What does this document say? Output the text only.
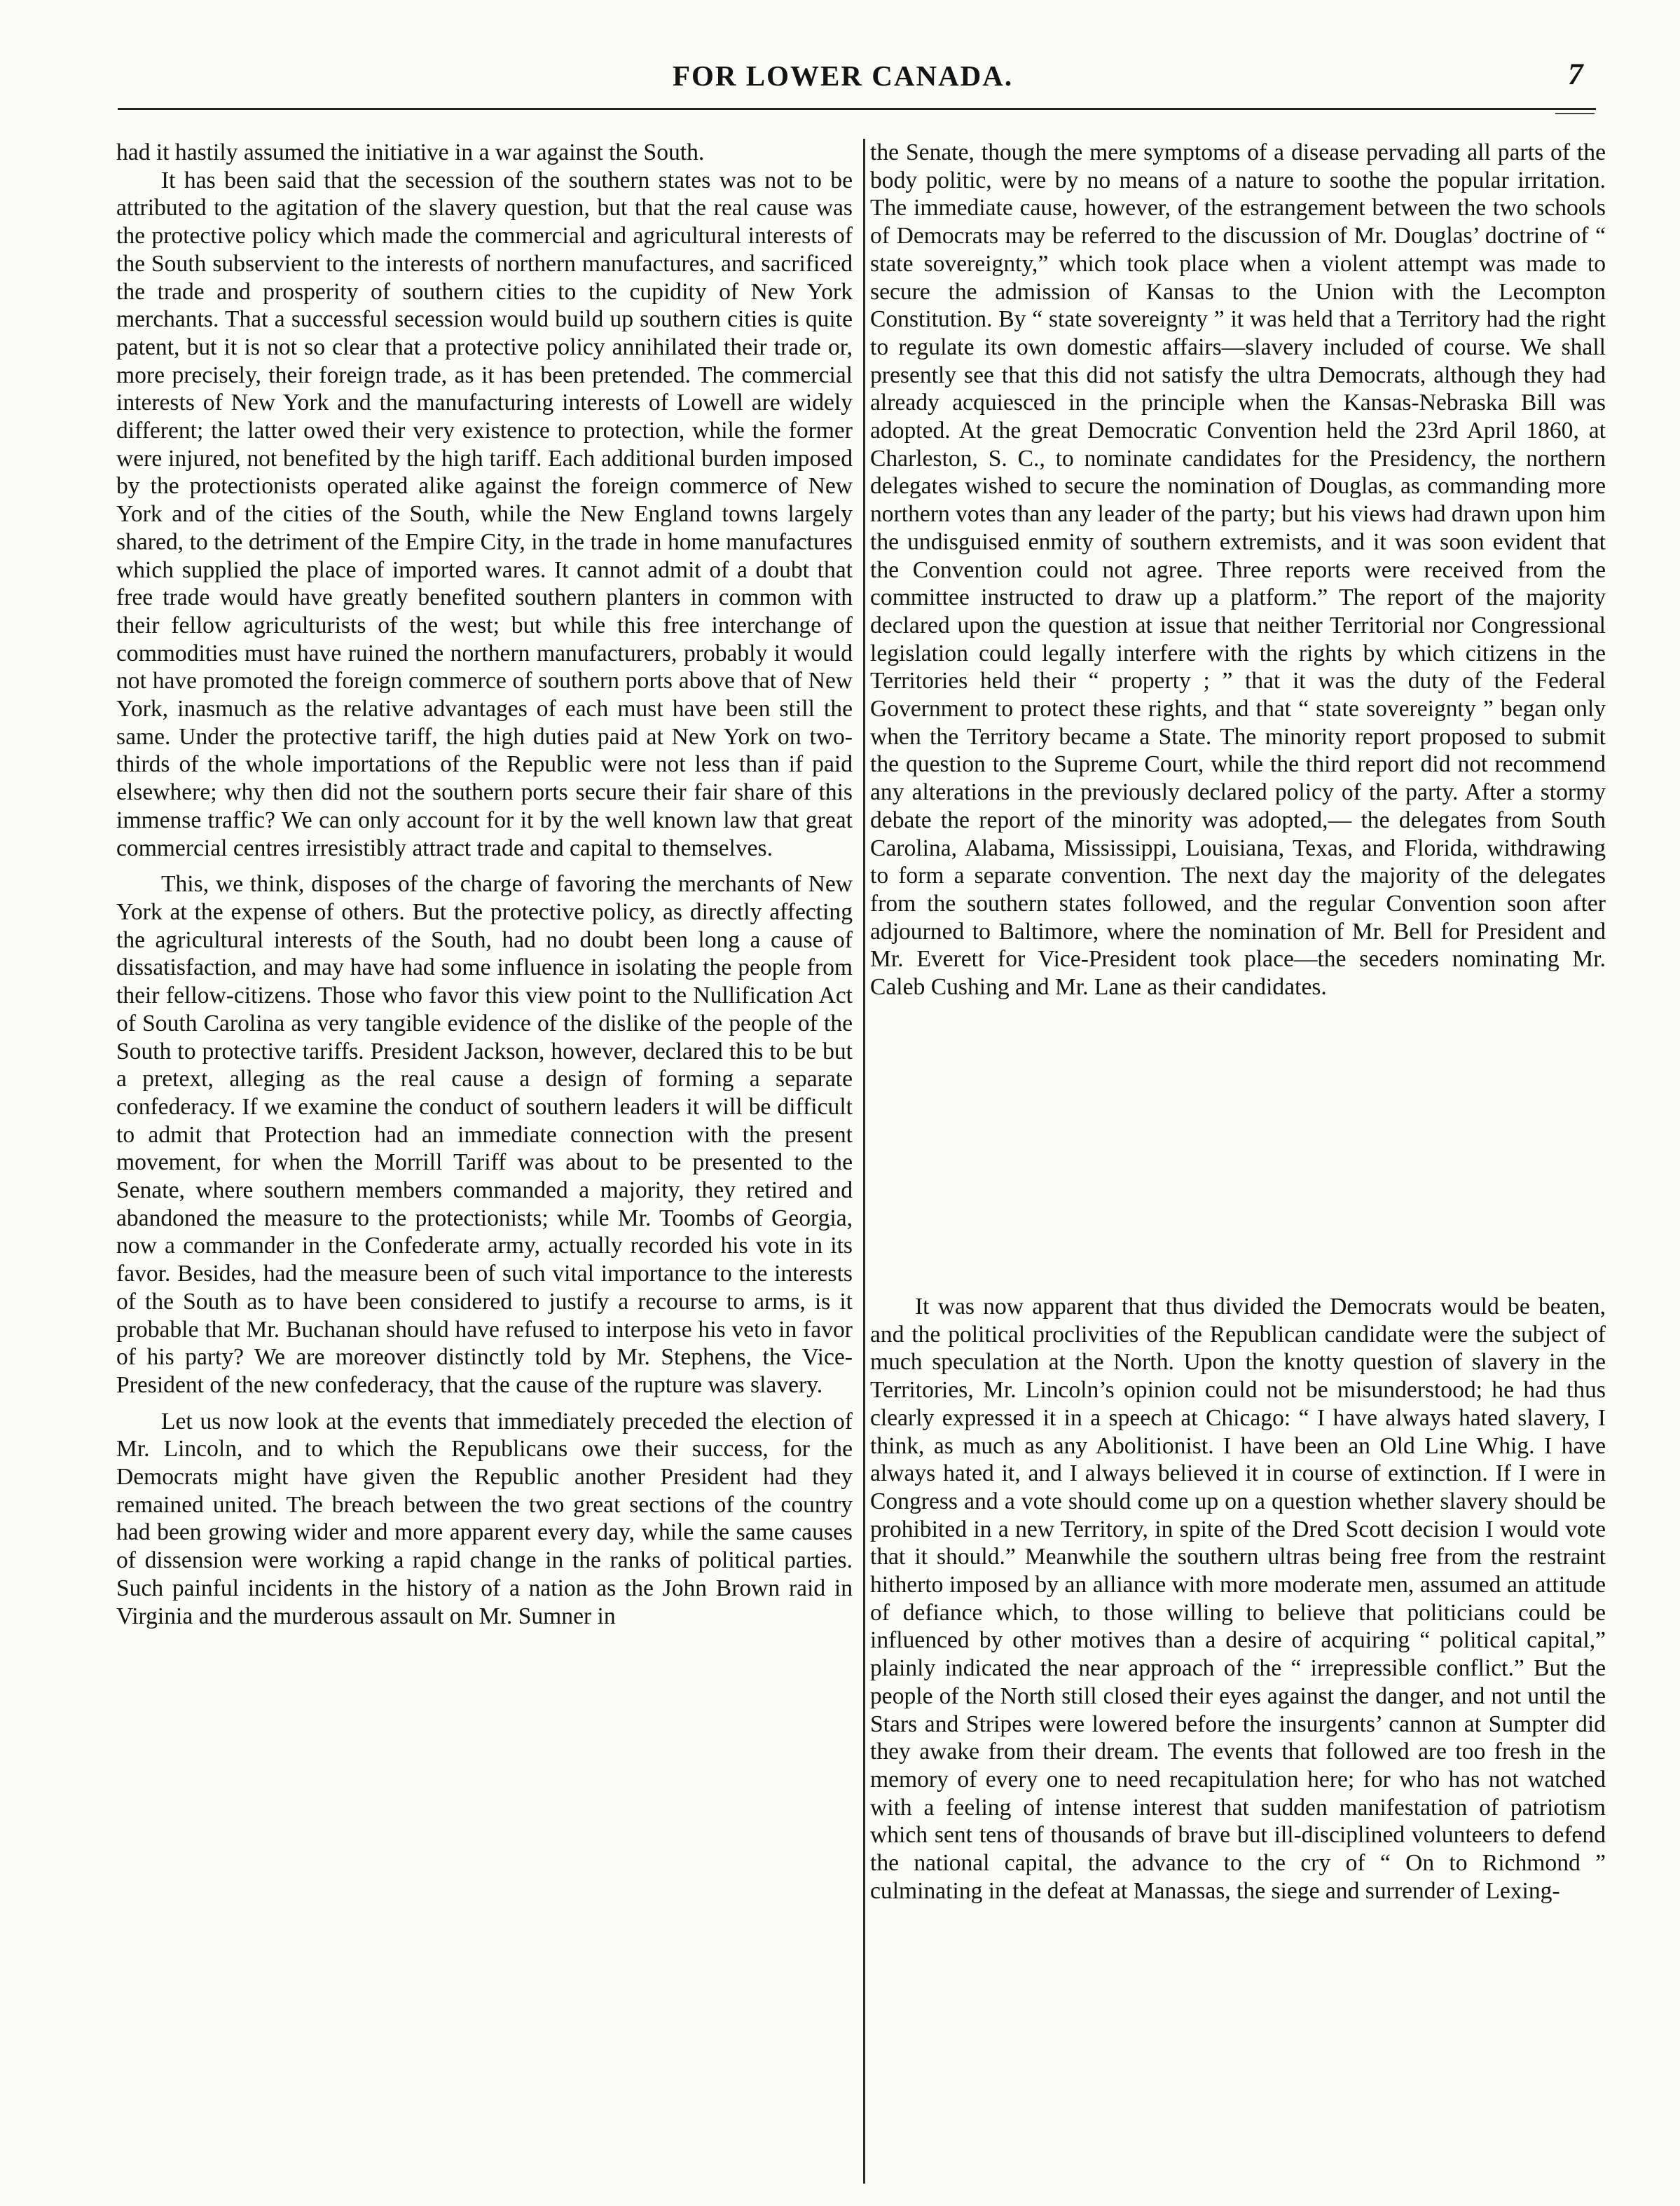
FOR LOWER CANADA.	7

had it hastily assumed the initiative in a war against the South.

It has been said that the secession of the southern states was not to be attributed to the agitation of the slavery question, but that the real cause was the protective policy which made the commercial and agricultural interests of the South subservient to the interests of northern manufactures, and sacrificed the trade and prosperity of southern cities to the cupidity of New York merchants. That a successful secession would build up southern cities is quite patent, but it is not so clear that a protective policy annihilated their trade or, more precisely, their foreign trade, as it has been pretended. The commercial interests of New York and the manufacturing interests of Lowell are widely different; the latter owed their very existence to protection, while the former were injured, not benefited by the high tariff. Each additional burden imposed by the protectionists operated alike against the foreign commerce of New York and of the cities of the South, while the New England towns largely shared, to the detriment of the Empire City, in the trade in home manufactures which supplied the place of imported wares. It cannot admit of a doubt that free trade would have greatly benefited southern planters in common with their fellow agriculturists of the west; but while this free interchange of commodities must have ruined the northern manufacturers, probably it would not have promoted the foreign commerce of southern ports above that of New York, inasmuch as the relative advantages of each must have been still the same. Under the protective tariff, the high duties paid at New York on two-thirds of the whole importations of the Republic were not less than if paid elsewhere; why then did not the southern ports secure their fair share of this immense traffic? We can only account for it by the well known law that great commercial centres irresistibly attract trade and capital to themselves.

This, we think, disposes of the charge of favoring the merchants of New York at the expense of others. But the protective policy, as directly affecting the agricultural interests of the South, had no doubt been long a cause of dissatisfaction, and may have had some influence in isolating the people from their fellow-citizens. Those who favor this view point to the Nullification Act of South Carolina as very tangible evidence of the dislike of the people of the South to protective tariffs. President Jackson, however, declared this to be but a pretext, alleging as the real cause a design of forming a separate confederacy. If we examine the conduct of southern leaders it will be difficult to admit that Protection had an immediate connection with the present movement, for when the Morrill Tariff was about to be presented to the Senate, where southern members commanded a majority, they retired and abandoned the measure to the protectionists; while Mr. Toombs of Georgia, now a commander in the Confederate army, actually recorded his vote in its favor. Besides, had the measure been of such vital importance to the interests of the South as to have been considered to justify a recourse to arms, is it probable that Mr. Buchanan should have refused to interpose his veto in favor of his party? We are moreover distinctly told by Mr. Stephens, the Vice-President of the new confederacy, that the cause of the rupture was slavery.

Let us now look at the events that immediately preceded the election of Mr. Lincoln, and to which the Republicans owe their success, for the Democrats might have given the Republic another President had they remained united. The breach between the two great sections of the country had been growing wider and more apparent every day, while the same causes of dissension were working a rapid change in the ranks of political parties. Such painful incidents in the history of a nation as the John Brown raid in Virginia and the murderous assault on Mr. Sumner in

the Senate, though the mere symptoms of a disease pervading all parts of the body politic, were by no means of a nature to soothe the popular irritation. The immediate cause, however, of the estrangement between the two schools of Democrats may be referred to the discussion of Mr. Douglas’ doctrine of “ state sovereignty,” which took place when a violent attempt was made to secure the admission of Kansas to the Union with the Lecompton Constitution. By “ state sovereignty ” it was held that a Territory had the right to regulate its own domestic affairs—slavery included of course. We shall presently see that this did not satisfy the ultra Democrats, although they had already acquiesced in the principle when the Kansas-Nebraska Bill was adopted. At the great Democratic Convention held the 23rd April 1860, at Charleston, S. C., to nominate candidates for the Presidency, the northern delegates wished to secure the nomination of Douglas, as commanding more northern votes than any leader of the party; but his views had drawn upon him the undisguised enmity of southern extremists, and it was soon evident that the Convention could not agree. Three reports were received from the committee instructed to draw up a platform.” The report of the majority declared upon the question at issue that neither Territorial nor Congressional legislation could legally interfere with the rights by which citizens in the Territories held their “ property ; ” that it was the duty of the Federal Government to protect these rights, and that “ state sovereignty ” began only when the Territory became a State. The minority report proposed to submit the question to the Supreme Court, while the third report did not recommend any alterations in the previously declared policy of the party. After a stormy debate the report of the minority was adopted,— the delegates from South Carolina, Alabama, Mississippi, Louisiana, Texas, and Florida, withdrawing to form a separate convention. The next day the majority of the delegates from the southern states followed, and the regular Convention soon after adjourned to Baltimore, where the nomination of Mr. Bell for President and Mr. Everett for Vice-President took place—the seceders nominating Mr. Caleb Cushing and Mr. Lane as their candidates.

It was now apparent that thus divided the Democrats would be beaten, and the political proclivities of the Republican candidate were the subject of much speculation at the North. Upon the knotty question of slavery in the Territories, Mr. Lincoln’s opinion could not be misunderstood; he had thus clearly expressed it in a speech at Chicago: “ I have always hated slavery, I think, as much as any Abolitionist. I have been an Old Line Whig. I have always hated it, and I always believed it in course of extinction. If I were in Congress and a vote should come up on a question whether slavery should be prohibited in a new Territory, in spite of the Dred Scott decision I would vote that it should.” Meanwhile the southern ultras being free from the restraint hitherto imposed by an alliance with more moderate men, assumed an attitude of defiance which, to those willing to believe that politicians could be influenced by other motives than a desire of acquiring “ political capital,” plainly indicated the near approach of the “ irrepressible conflict.” But the people of the North still closed their eyes against the danger, and not until the Stars and Stripes were lowered before the insurgents’ cannon at Sumpter did they awake from their dream. The events that followed are too fresh in the memory of every one to need recapitulation here; for who has not watched with a feeling of intense interest that sudden manifestation of patriotism which sent tens of thousands of brave but ill-disciplined volunteers to defend the national capital, the advance to the cry of “ On to Richmond ” culminating in the defeat at Manassas, the siege and surrender of Lexing-
